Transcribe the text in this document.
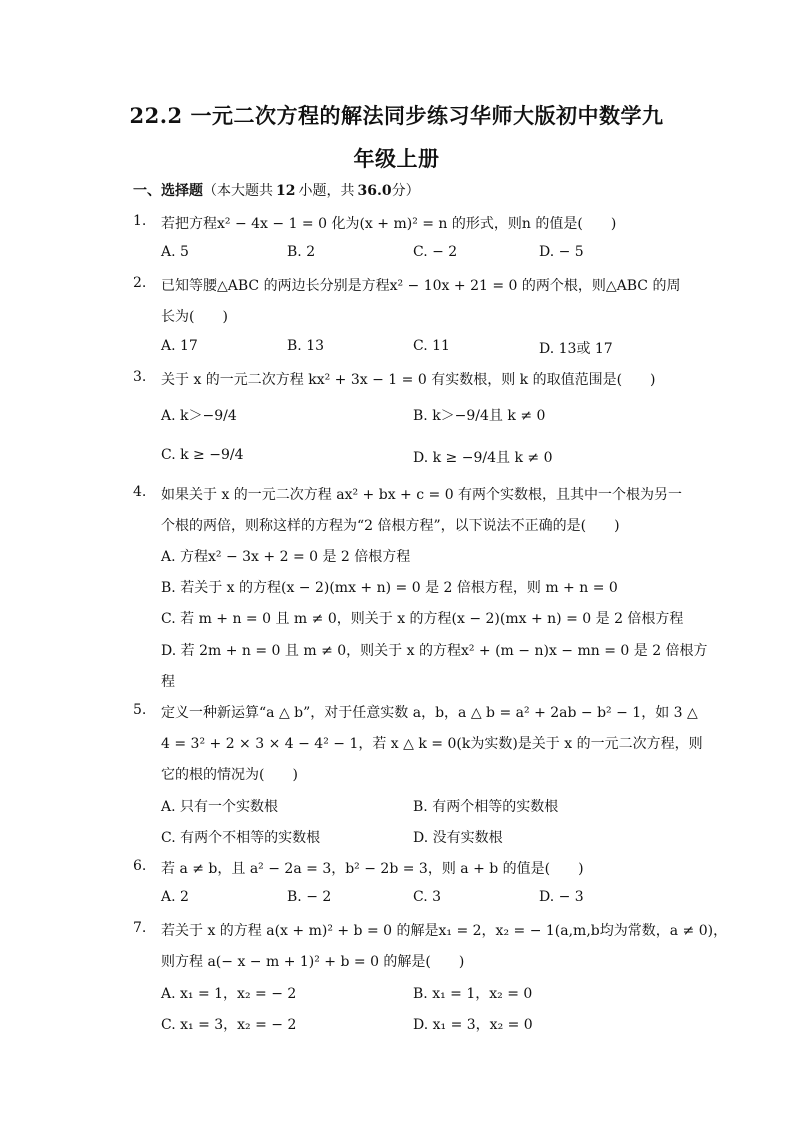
22.2 一元二次方程的解法同步练习华师大版初中数学九
年级上册
一、选择题（本大题共 12 小题，共 36.0分）
1.	若把方程x² − 4x − 1 = 0 化为(x + m)² = n 的形式，则n 的值是(　　)
A. 5	B. 2	C. − 2	D. − 5
2.	已知等腰△ABC 的两边长分别是方程x² − 10x + 21 = 0 的两个根，则△ABC 的周
长为(　　)
A. 17	B. 13	C. 11	D. 13或 17
3.	关于 x 的一元二次方程 kx² + 3x − 1 = 0 有实数根，则 k 的取值范围是(　　)
A. k＞−9/4	B. k＞−9/4且 k ≠ 0
C. k ≥ −9/4	D. k ≥ −9/4且 k ≠ 0
4.	如果关于 x 的一元二次方程 ax² + bx + c = 0 有两个实数根，且其中一个根为另一
个根的两倍，则称这样的方程为“2 倍根方程”，以下说法不正确的是(　　)
A. 方程x² − 3x + 2 = 0 是 2 倍根方程
B. 若关于 x 的方程(x − 2)(mx + n) = 0 是 2 倍根方程，则 m + n = 0
C. 若 m + n = 0 且 m ≠ 0，则关于 x 的方程(x − 2)(mx + n) = 0 是 2 倍根方程
D. 若 2m + n = 0 且 m ≠ 0，则关于 x 的方程x² + (m − n)x − mn = 0 是 2 倍根方
程
5.	定义一种新运算“a △ b”，对于任意实数 a，b，a △ b = a² + 2ab − b² − 1，如 3 △
4 = 3² + 2 × 3 × 4 − 4² − 1，若 x △ k = 0(k为实数)是关于 x 的一元二次方程，则
它的根的情况为(　　)
A. 只有一个实数根	B. 有两个相等的实数根
C. 有两个不相等的实数根	D. 没有实数根
6.	若 a ≠ b，且 a² − 2a = 3，b² − 2b = 3，则 a + b 的值是(　　)
A. 2	B. − 2	C. 3	D. − 3
7.	若关于 x 的方程 a(x + m)² + b = 0 的解是x₁ = 2，x₂ = − 1(a,m,b均为常数，a ≠ 0)，
则方程 a(− x − m + 1)² + b = 0 的解是(　　)
A. x₁ = 1，x₂ = − 2	B. x₁ = 1，x₂ = 0
C. x₁ = 3，x₂ = − 2	D. x₁ = 3，x₂ = 0
